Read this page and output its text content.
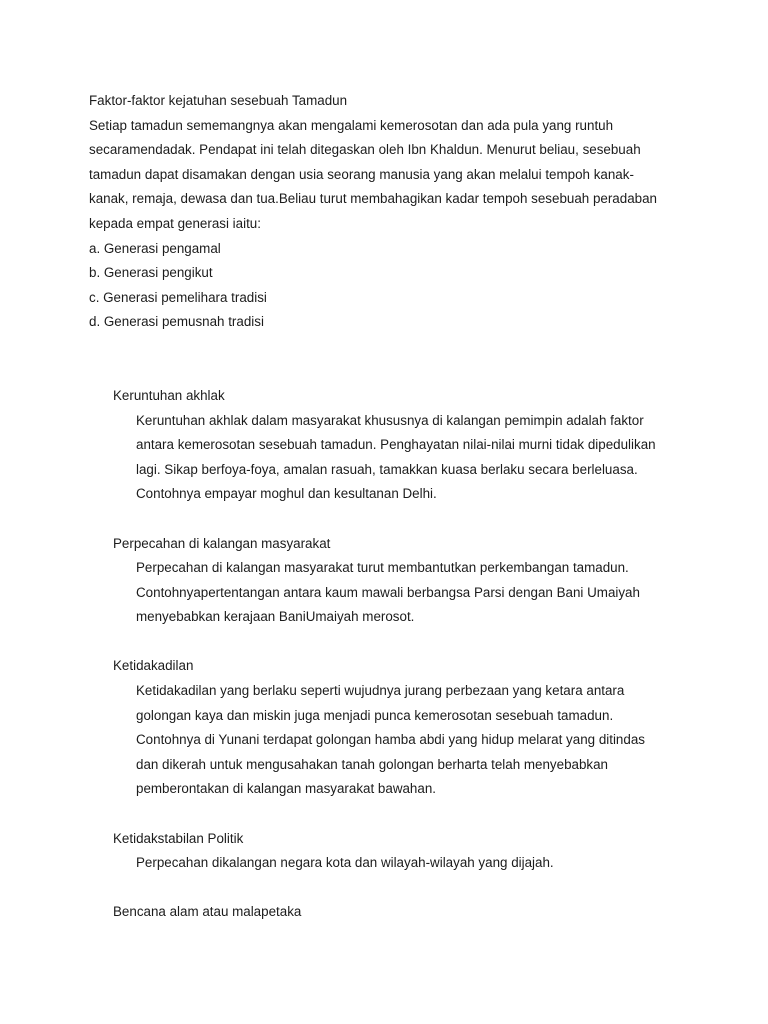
Faktor-faktor kejatuhan sesebuah Tamadun

Setiap tamadun sememangnya akan mengalami kemerosotan dan ada pula yang runtuh

secaramendadak. Pendapat ini telah ditegaskan oleh Ibn Khaldun. Menurut beliau, sesebuah

tamadun dapat disamakan dengan usia seorang manusia yang akan melalui tempoh kanak-

kanak, remaja, dewasa dan tua.Beliau turut membahagikan kadar tempoh sesebuah peradaban

kepada empat generasi iaitu:

a. Generasi pengamal
b. Generasi pengikut
c. Generasi pemelihara tradisi
d. Generasi pemusnah tradisi

Keruntuhan akhlak

Keruntuhan akhlak dalam masyarakat khususnya di kalangan pemimpin adalah faktor

antara kemerosotan sesebuah tamadun. Penghayatan nilai-nilai murni tidak dipedulikan

lagi. Sikap berfoya-foya, amalan rasuah, tamakkan kuasa berlaku secara berleluasa.

Contohnya empayar moghul dan kesultanan Delhi.

Perpecahan di kalangan masyarakat

Perpecahan di kalangan masyarakat turut membantutkan perkembangan tamadun.

Contohnyapertentangan antara kaum mawali berbangsa Parsi dengan Bani Umaiyah

menyebabkan kerajaan BaniUmaiyah merosot.

Ketidakadilan

Ketidakadilan yang berlaku seperti wujudnya jurang perbezaan yang ketara antara

golongan kaya dan miskin juga menjadi punca kemerosotan sesebuah tamadun.

Contohnya di Yunani terdapat golongan hamba abdi yang hidup melarat yang ditindas

dan dikerah untuk mengusahakan tanah golongan berharta telah menyebabkan

pemberontakan di kalangan masyarakat bawahan.

Ketidakstabilan Politik

Perpecahan dikalangan negara kota dan wilayah-wilayah yang dijajah.

Bencana alam atau malapetaka
